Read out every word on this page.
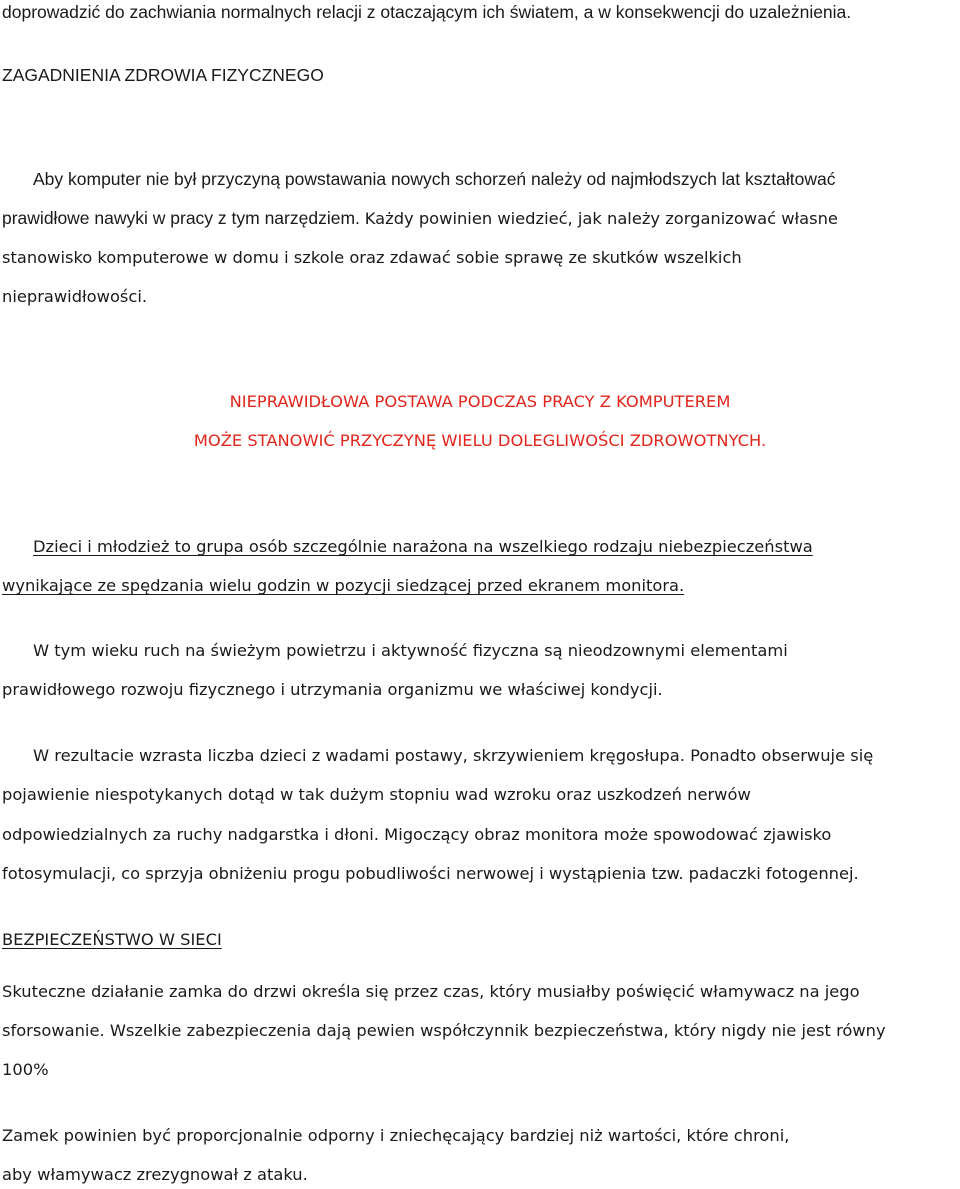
doprowadzić do zachwiania normalnych relacji z otaczającym ich światem, a w konsekwencji do uzależnienia.
ZAGADNIENIA ZDROWIA FIZYCZNEGO
Aby komputer nie był przyczyną powstawania nowych schorzeń należy od najmłodszych lat kształtować
prawidłowe nawyki w pracy z tym narzędziem. Każdy powinien wiedzieć, jak należy zorganizować własne
stanowisko komputerowe w domu i szkole oraz zdawać sobie sprawę ze skutków wszelkich
nieprawidłowości.
NIEPRAWIDŁOWA POSTAWA PODCZAS PRACY Z KOMPUTEREM
MOŻE STANOWIĆ PRZYCZYNĘ WIELU DOLEGLIWOŚCI ZDROWOTNYCH.
Dzieci i młodzież to grupa osób szczególnie narażona na wszelkiego rodzaju niebezpieczeństwa
wynikające ze spędzania wielu godzin w pozycji siedzącej przed ekranem monitora.
W tym wieku ruch na świeżym powietrzu i aktywność fizyczna są nieodzownymi elementami
prawidłowego rozwoju fizycznego i utrzymania organizmu we właściwej kondycji.
W rezultacie wzrasta liczba dzieci z wadami postawy, skrzywieniem kręgosłupa. Ponadto obserwuje się
pojawienie niespotykanych dotąd w tak dużym stopniu wad wzroku oraz uszkodzeń nerwów
odpowiedzialnych za ruchy nadgarstka i dłoni. Migoczący obraz monitora może spowodować zjawisko
fotosymulacji, co sprzyja obniżeniu progu pobudliwości nerwowej i wystąpienia tzw. padaczki fotogennej.
BEZPIECZEŃSTWO W SIECI
Skuteczne działanie zamka do drzwi określa się przez czas, który musiałby poświęcić włamywacz na jego
sforsowanie. Wszelkie zabezpieczenia dają pewien współczynnik bezpieczeństwa, który nigdy nie jest równy
100%
Zamek powinien być proporcjonalnie odporny i zniechęcający bardziej niż wartości, które chroni,
aby włamywacz zrezygnował z ataku.
